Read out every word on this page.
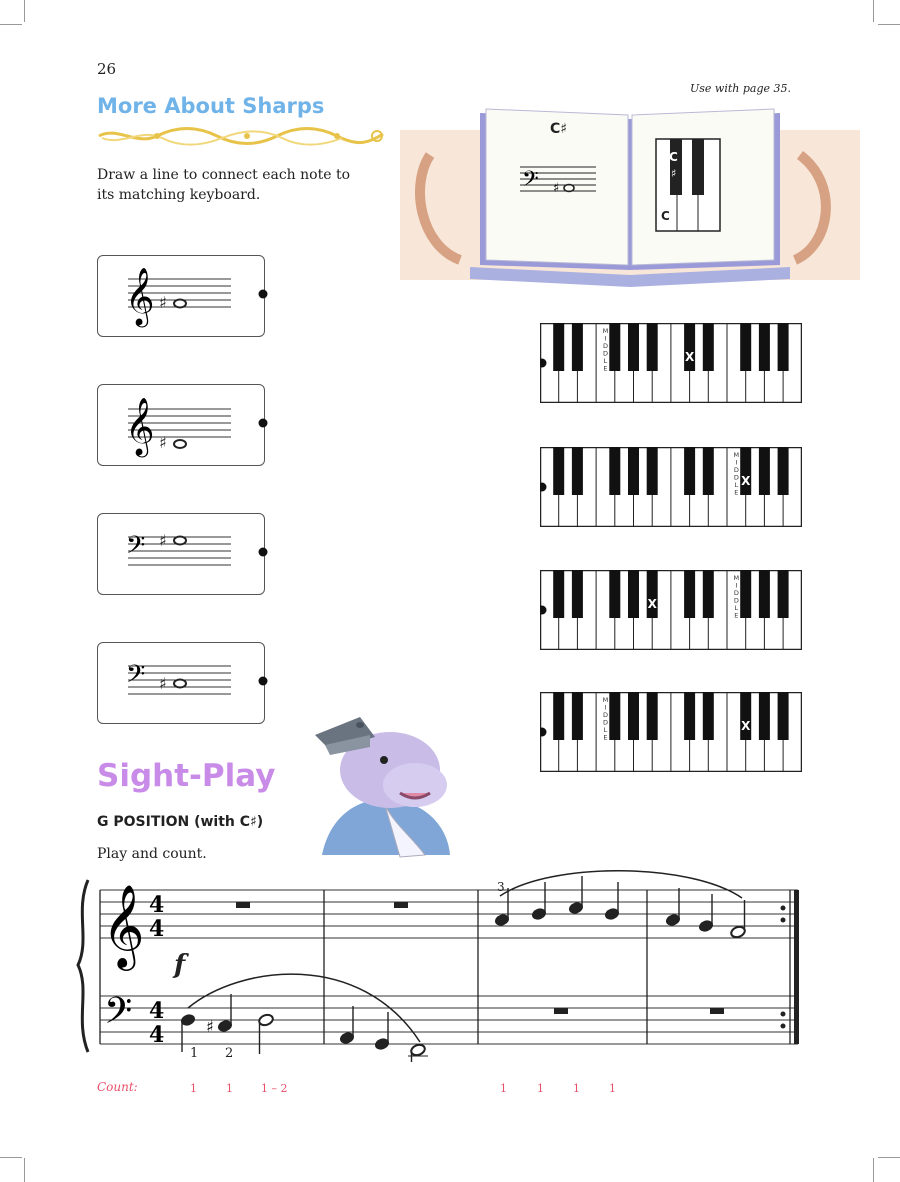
26
Use with page 35.
More About Sharps
Draw a line to connect each note to its matching keyboard.	𝄢 ♯
C♯
C
♯
C
𝄞 ♯
𝄞 ♯
𝄢 ♯
𝄢 ♯
X
M
I
D
D
L
E
X
M
I
D
D
L
E
X
M
I
D
D
L
E
X
M
I
D
D
L
E
Sight-Play
G POSITION (with C♯)
Play and count.
𝄞
𝄢
4
4
4
4	♯
f
3
1 2
Count:	1	1	1 – 2	1	1	1	1
